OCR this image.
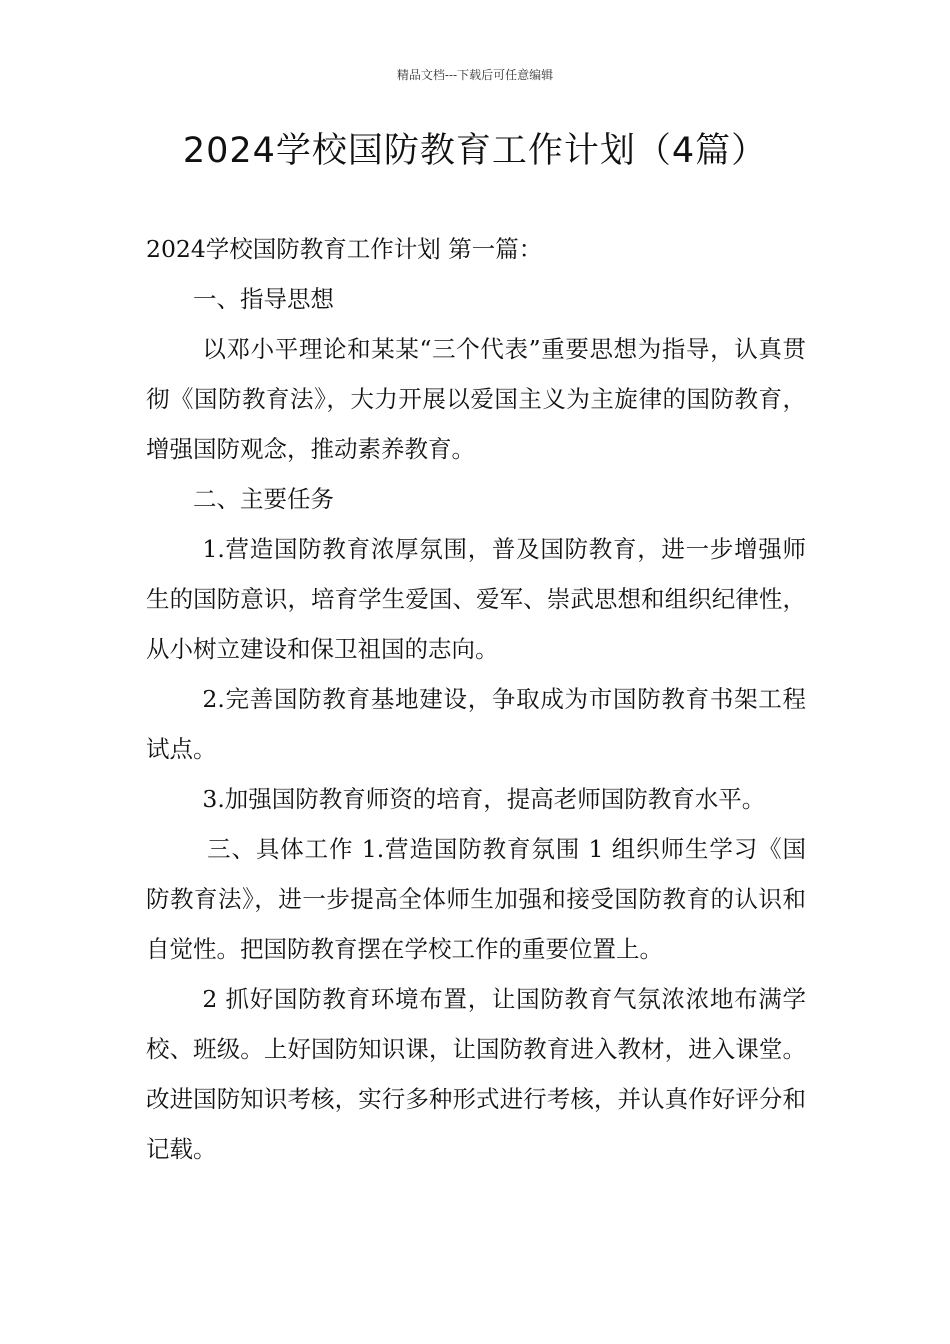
精品文档---下载后可任意编辑
2024学校国防教育工作计划（4篇）

2024学校国防教育工作计划 第一篇：

一、指导思想

以邓小平理论和某某“三个代表”重要思想为指导，认真贯彻《国防教育法》，大力开展以爱国主义为主旋律的国防教育，增强国防观念，推动素养教育。

二、主要任务

1.营造国防教育浓厚氛围，普及国防教育，进一步增强师生的国防意识，培育学生爱国、爱军、崇武思想和组织纪律性，从小树立建设和保卫祖国的志向。

2.完善国防教育基地建设，争取成为市国防教育书架工程试点。

3.加强国防教育师资的培育，提高老师国防教育水平。

三、具体工作 1.营造国防教育氛围 1 组织师生学习《国防教育法》，进一步提高全体师生加强和接受国防教育的认识和自觉性。把国防教育摆在学校工作的重要位置上。

2 抓好国防教育环境布置，让国防教育气氛浓浓地布满学校、班级。上好国防知识课，让国防教育进入教材，进入课堂。改进国防知识考核，实行多种形式进行考核，并认真作好评分和记载。
